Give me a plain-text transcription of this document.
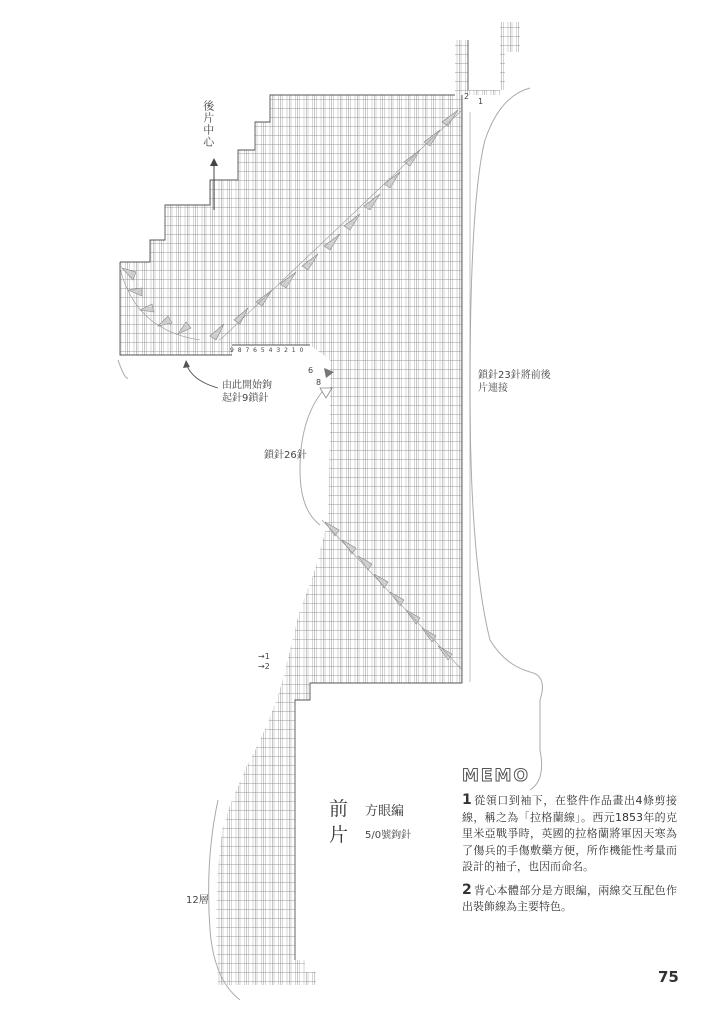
後片中心
由此開始鉤
起針9鎖針
鎖針23針將前後
片連接
鎖針26針
12層
1
2
6
8
→1
→2
9 8 7 6 5 4 3 2 1 0
前
片
方眼編
5/0號鉤針
MEMO
1 從領口到袖下，在整件作品畫出4條剪接線，稱之為「拉格蘭線」。西元1853年的克里米亞戰爭時，英國的拉格蘭將軍因天寒為了傷兵的手傷敷藥方便，所作機能性考量而設計的袖子，也因而命名。
2 背心本體部分是方眼編，兩線交互配色作出裝飾線為主要特色。
75
